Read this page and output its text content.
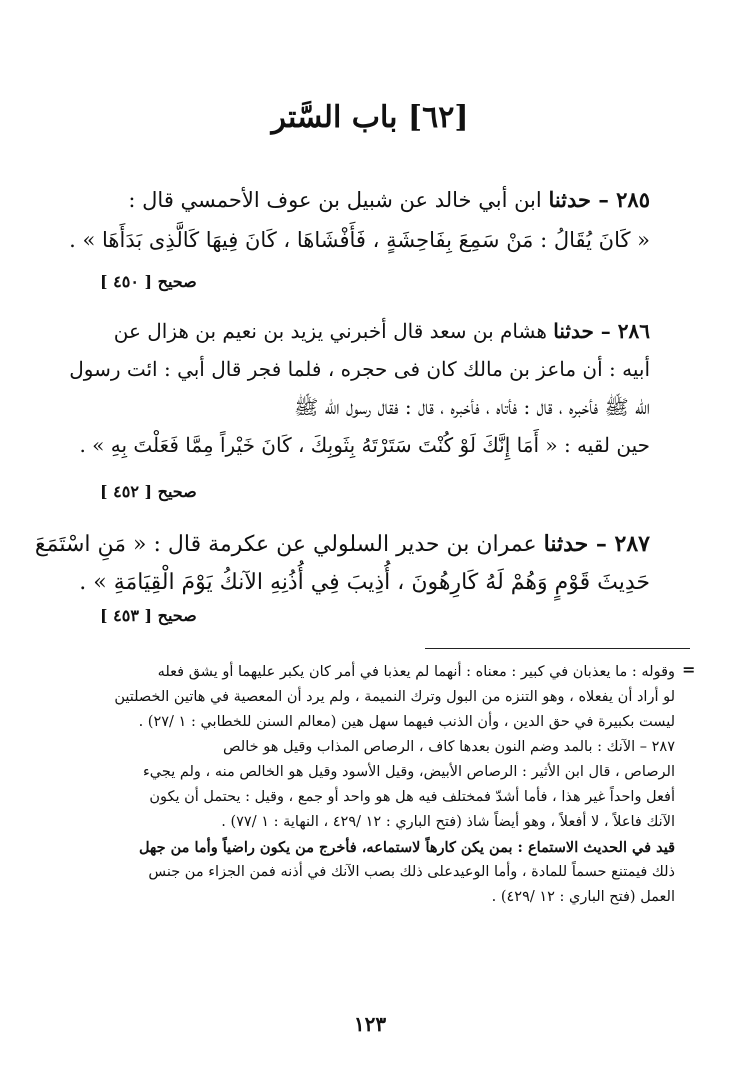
[٦٢] باب السَّتر
٢٨٥ – حدثنا ابن أبي خالد عن شبيل بن عوف الأحمسي قال :
« كَانَ يُقَالُ : مَنْ سَمِعَ بِفَاحِشَةٍ ، فَأَفْشَاهَا ، كَانَ فِيهَا كَالَّذِى بَدَأَهَا » .
صحيح [ ٤٥٠ ]
٢٨٦ – حدثنا هشام بن سعد قال أخبرني يزيد بن نعيم بن هزال عن
أبيه : أن ماعز بن مالك كان فى حجره ، فلما فجر قال أبي : ائت رسول
الله ﷺ فأخبره ، قال : فأتاه ، فأخبره ، قال : فقال رسول الله ﷺ
حين لقيه : « أَمَا إِنَّكَ لَوْ كُنْتَ سَتَرْتَهُ بِثَوبِكَ ، كَانَ خَيْراً مِمَّا فَعَلْتَ بِهِ » .
صحيح [ ٤٥٢ ]
٢٨٧ – حدثنا عمران بن حدير السلولي عن عكرمة قال : « مَنِ اسْتَمَعَ
حَدِيثَ قَوْمٍ وَهُمْ لَهُ كَارِهُونَ ، أُذِيبَ فِي أُذُنِهِ الآنكُ يَوْمَ الْقِيَامَةِ » .
صحيح [ ٤٥٣ ]
=
وقوله : ما يعذبان في كبير : معناه : أنهما لم يعذبا في أمر كان يكبر عليهما أو يشق فعله
لو أراد أن يفعلاه ، وهو التنزه من البول وترك النميمة ، ولم يرد أن المعصية في هاتين الخصلتين
ليست بكبيرة في حق الدين ، وأن الذنب فيهما سهل هين (معالم السنن للخطابي : ١ /٢٧) .
٢٨٧ – الآنك : بالمد وضم النون بعدها كاف ، الرصاص المذاب وقيل هو خالص
الرصاص ، قال ابن الأثير : الرصاص الأبيض، وقيل الأسود وقيل هو الخالص منه ، ولم يجيء
أفعل واحداً غير هذا ، فأما أشدّ فمختلف فيه هل هو واحد أو جمع ، وقيل : يحتمل أن يكون
الآنك فاعلاً ، لا أفعلاً ، وهو أيضاً شاذ (فتح الباري : ١٢ /٤٢٩ ، النهاية : ١ /٧٧) .
قيد في الحديث الاستماع : بمن يكن كارهاً لاستماعه، فأخرج من يكون راضياً وأما من جهل
ذلك فيمتنع حسماً للمادة ، وأما الوعيدعلى ذلك بصب الآنك في أذنه فمن الجزاء من جنس
العمل (فتح الباري : ١٢ /٤٢٩) .
١٢٣
